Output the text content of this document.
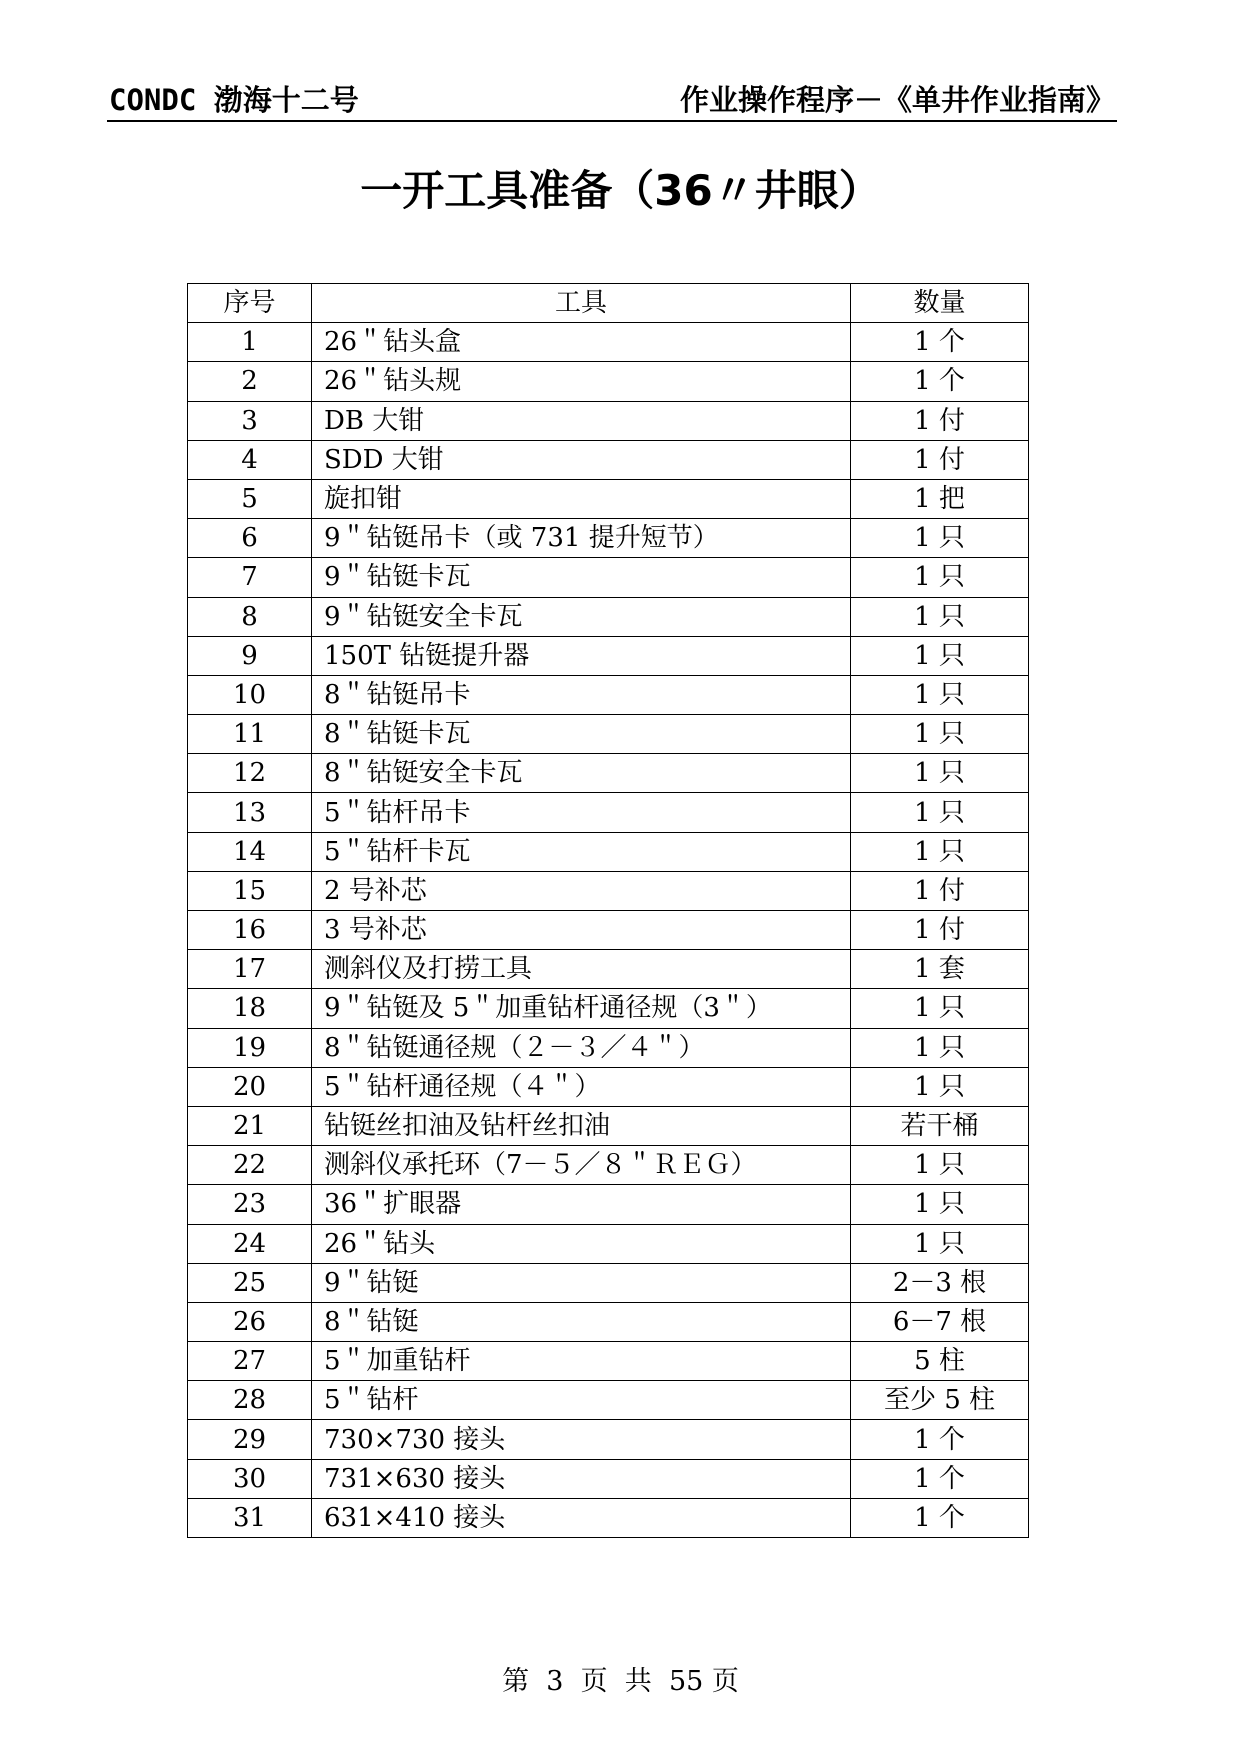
CONDC 渤海十二号	作业操作程序－《单井作业指南》
一开工具准备（36〃井眼）
序号	工具	数量
1	26＂钻头盒	1 个
2	26＂钻头规	1 个
3	DB 大钳	1 付
4	SDD 大钳	1 付
5	旋扣钳	1 把
6	9＂钻铤吊卡（或 731 提升短节）	1 只
7	9＂钻铤卡瓦	1 只
8	9＂钻铤安全卡瓦	1 只
9	150T 钻铤提升器	1 只
10	8＂钻铤吊卡	1 只
11	8＂钻铤卡瓦	1 只
12	8＂钻铤安全卡瓦	1 只
13	5＂钻杆吊卡	1 只
14	5＂钻杆卡瓦	1 只
15	2 号补芯	1 付
16	3 号补芯	1 付
17	测斜仪及打捞工具	1 套
18	9＂钻铤及 5＂加重钻杆通径规（3＂）	1 只
19	8＂钻铤通径规（２－３／４＂）	1 只
20	5＂钻杆通径规（４＂）	1 只
21	钻铤丝扣油及钻杆丝扣油	若干桶
22	测斜仪承托环（7－５／８＂ＲＥＧ）	1 只
23	36＂扩眼器	1 只
24	26＂钻头	1 只
25	9＂钻铤	2－3 根
26	8＂钻铤	6－7 根
27	5＂加重钻杆	5 柱
28	5＂钻杆	至少 5 柱
29	730×730 接头	1 个
30	731×630 接头	1 个
31	631×410 接头	1 个
第  3  页  共  55 页
